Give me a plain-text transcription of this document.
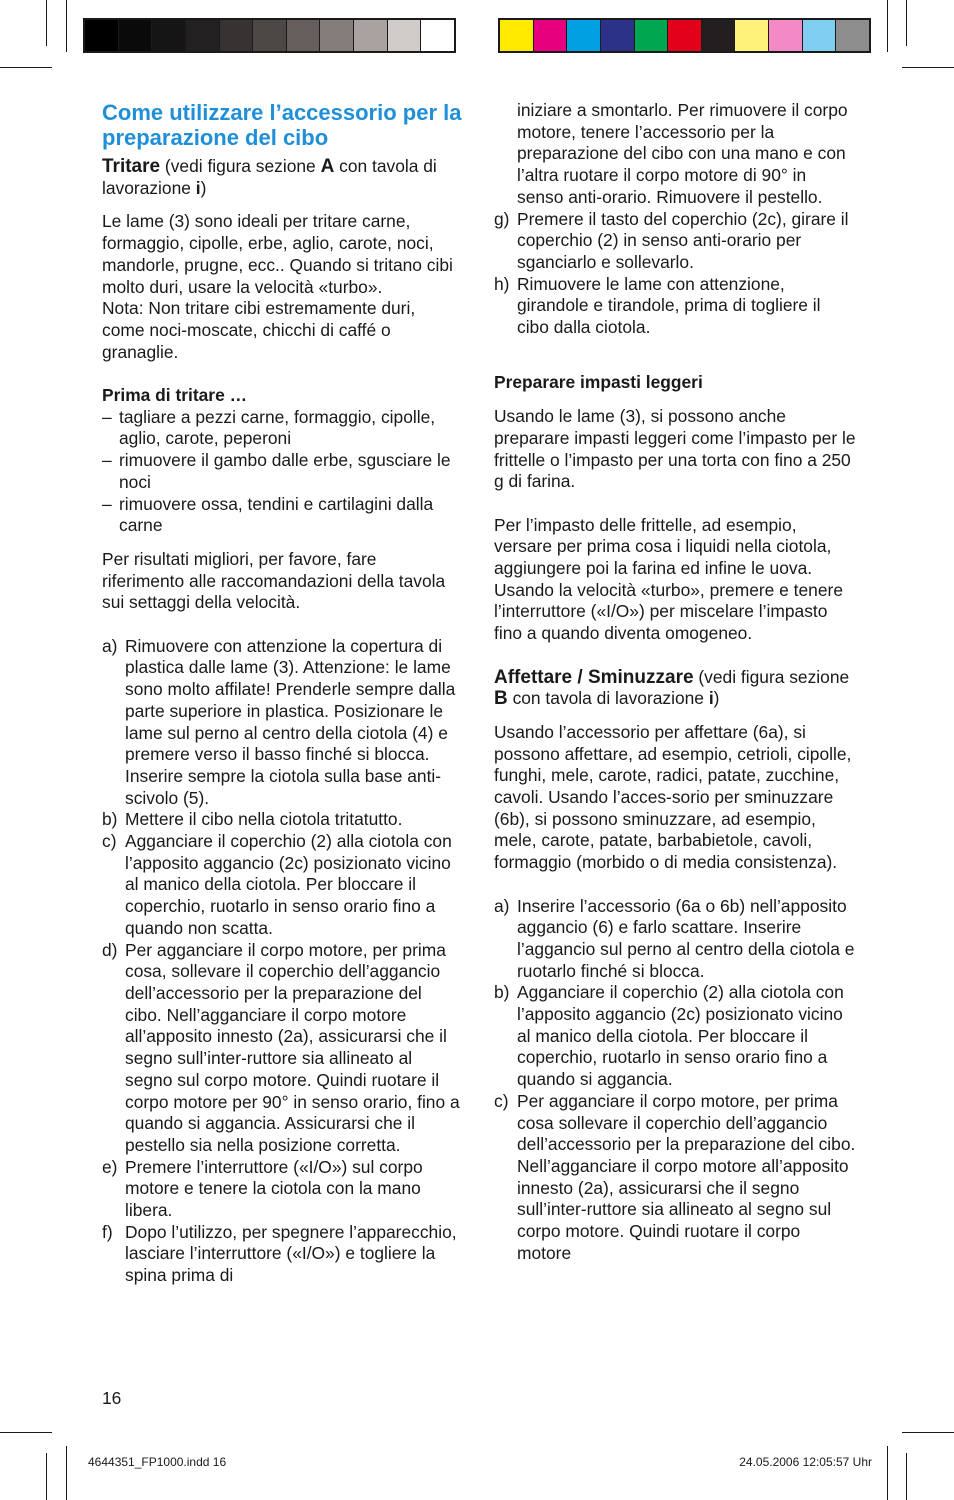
Come utilizzare l’accessorio per la preparazione del cibo

Tritare (vedi figura sezione A con tavola di lavorazione i)

Le lame (3) sono ideali per tritare carne, formaggio, cipolle, erbe, aglio, carote, noci, mandorle, prugne, ecc.. Quando si tritano cibi molto duri, usare la velocità «turbo».

Nota: Non tritare cibi estremamente duri, come noci-moscate, chicchi di caffé o granaglie.

Prima di tritare …

– tagliare a pezzi carne, formaggio, cipolle, aglio, carote, peperoni
– rimuovere il gambo dalle erbe, sgusciare le noci
– rimuovere ossa, tendini e cartilagini dalla carne

Per risultati migliori, per favore, fare riferimento alle raccomandazioni della tavola sui settaggi della velocità.

a) Rimuovere con attenzione la copertura di plastica dalle lame (3). Attenzione: le lame sono molto affilate! Prenderle sempre dalla parte superiore in plastica. Posizionare le lame sul perno al centro della ciotola (4) e premere verso il basso finché si blocca. Inserire sempre la ciotola sulla base anti-scivolo (5).
b) Mettere il cibo nella ciotola tritatutto.
c) Agganciare il coperchio (2) alla ciotola con l’apposito aggancio (2c) posizionato vicino al manico della ciotola. Per bloccare il coperchio, ruotarlo in senso orario fino a quando non scatta.
d) Per agganciare il corpo motore, per prima cosa, sollevare il coperchio dell’aggancio dell’accessorio per la preparazione del cibo. Nell’agganciare il corpo motore all’apposito innesto (2a), assicurarsi che il segno sull’inter-ruttore sia allineato al segno sul corpo motore. Quindi ruotare il corpo motore per 90° in senso orario, fino a quando si aggancia. Assicurarsi che il pestello sia nella posizione corretta.
e) Premere l’interruttore («I/O») sul corpo motore e tenere la ciotola con la mano libera.
f) Dopo l’utilizzo, per spegnere l’apparecchio, lasciare l’interruttore («I/O») e togliere la spina prima di
iniziare a smontarlo. Per rimuovere il corpo motore, tenere l’accessorio per la preparazione del cibo con una mano e con l’altra ruotare il corpo motore di 90° in senso anti-orario. Rimuovere il pestello.
g) Premere il tasto del coperchio (2c), girare il coperchio (2) in senso anti-orario per sganciarlo e sollevarlo.
h) Rimuovere le lame con attenzione, girandole e tirandole, prima di togliere il cibo dalla ciotola.
Preparare impasti leggeri

Usando le lame (3), si possono anche preparare impasti leggeri come l’impasto per le frittelle o l’impasto per una torta con fino a 250 g di farina.

Per l’impasto delle frittelle, ad esempio, versare per prima cosa i liquidi nella ciotola, aggiungere poi la farina ed infine le uova. Usando la velocità «turbo», premere e tenere l’interruttore («I/O») per miscelare l’impasto fino a quando diventa omogeneo.

Affettare / Sminuzzare (vedi figura sezione B con tavola di lavorazione i)

Usando l’accessorio per affettare (6a), si possono affettare, ad esempio, cetrioli, cipolle, funghi, mele, carote, radici, patate, zucchine, cavoli. Usando l’acces-sorio per sminuzzare (6b), si possono sminuzzare, ad esempio, mele, carote, patate, barbabietole, cavoli, formaggio (morbido o di media consistenza).

a) Inserire l’accessorio (6a o 6b) nell’apposito aggancio (6) e farlo scattare. Inserire l’aggancio sul perno al centro della ciotola e ruotarlo finché si blocca.
b) Agganciare il coperchio (2) alla ciotola con l’apposito aggancio (2c) posizionato vicino al manico della ciotola. Per bloccare il coperchio, ruotarlo in senso orario fino a quando si aggancia.
c) Per agganciare il corpo motore, per prima cosa sollevare il coperchio dell’aggancio dell’accessorio per la preparazione del cibo. Nell’agganciare il corpo motore all’apposito innesto (2a), assicurarsi che il segno sull’inter-ruttore sia allineato al segno sul corpo motore. Quindi ruotare il corpo motore
16
4644351_FP1000.indd 16	24.05.2006 12:05:57 Uhr
